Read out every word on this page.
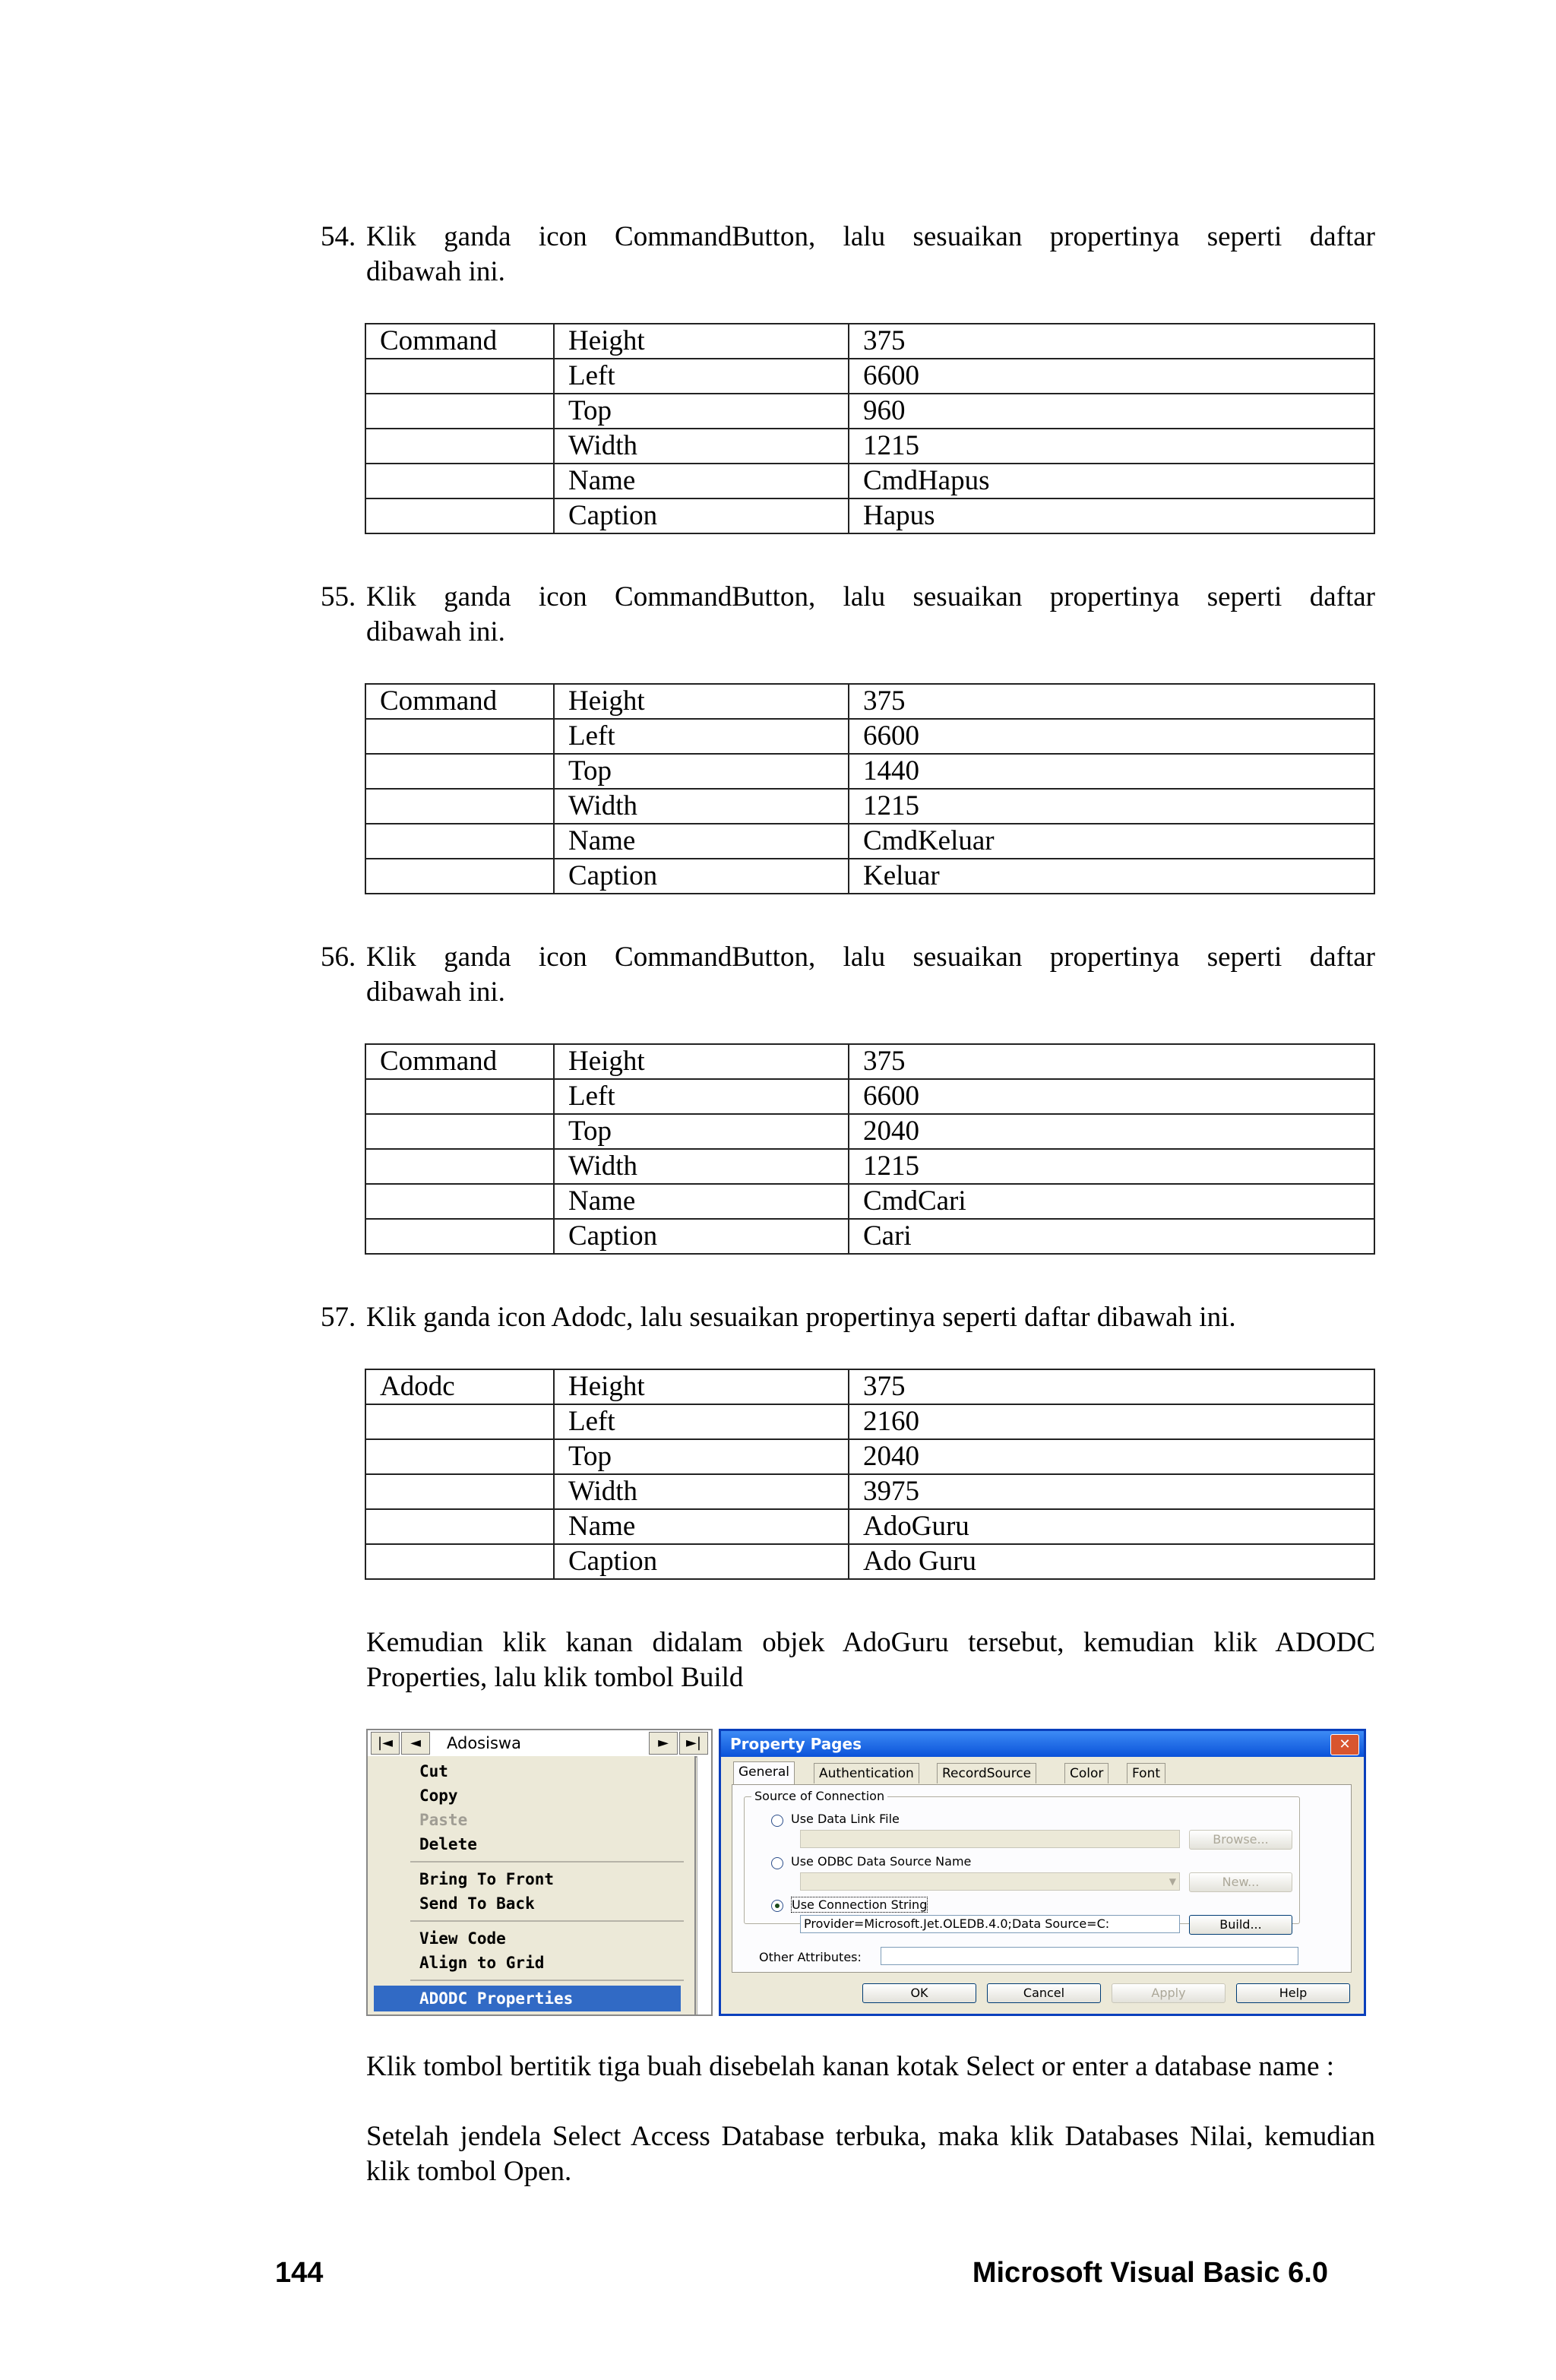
54. Klik ganda icon CommandButton, lalu sesuaikan propertinya seperti daftar
dibawah ini.
Command	Height	375
	Left	6600
	Top	960
	Width	1215
	Name	CmdHapus
	Caption	Hapus
55. Klik ganda icon CommandButton, lalu sesuaikan propertinya seperti daftar
dibawah ini.
Command	Height	375
	Left	6600
	Top	1440
	Width	1215
	Name	CmdKeluar
	Caption	Keluar
56. Klik ganda icon CommandButton, lalu sesuaikan propertinya seperti daftar
dibawah ini.
Command	Height	375
	Left	6600
	Top	2040
	Width	1215
	Name	CmdCari
	Caption	Cari
57. Klik ganda icon Adodc, lalu sesuaikan propertinya seperti daftar dibawah ini.
Adodc	Height	375
	Left	2160
	Top	2040
	Width	3975
	Name	AdoGuru
	Caption	Ado Guru
Kemudian klik kanan didalam objek AdoGuru tersebut, kemudian klik ADODC Properties, lalu klik tombol Build
|◄	◄	Adosiswa	►	►|
Cut
Copy
Paste
Delete
Bring To Front
Send To Back
View Code
Align to Grid
ADODC Properties
Property Pages	✕
General	Authentication	RecordSource	Color	Font
Source of Connection
Use Data Link File
Browse...
Use ODBC Data Source Name
▼	New...
Use Connection String
Provider=Microsoft.Jet.OLEDB.4.0;Data Source=C:	Build...
Other Attributes:
OK	Cancel	Apply	Help
Klik tombol bertitik tiga buah disebelah kanan kotak Select or enter a database name :
Setelah jendela Select Access Database terbuka, maka klik Databases Nilai, kemudian klik tombol Open.
144	Microsoft Visual Basic 6.0
